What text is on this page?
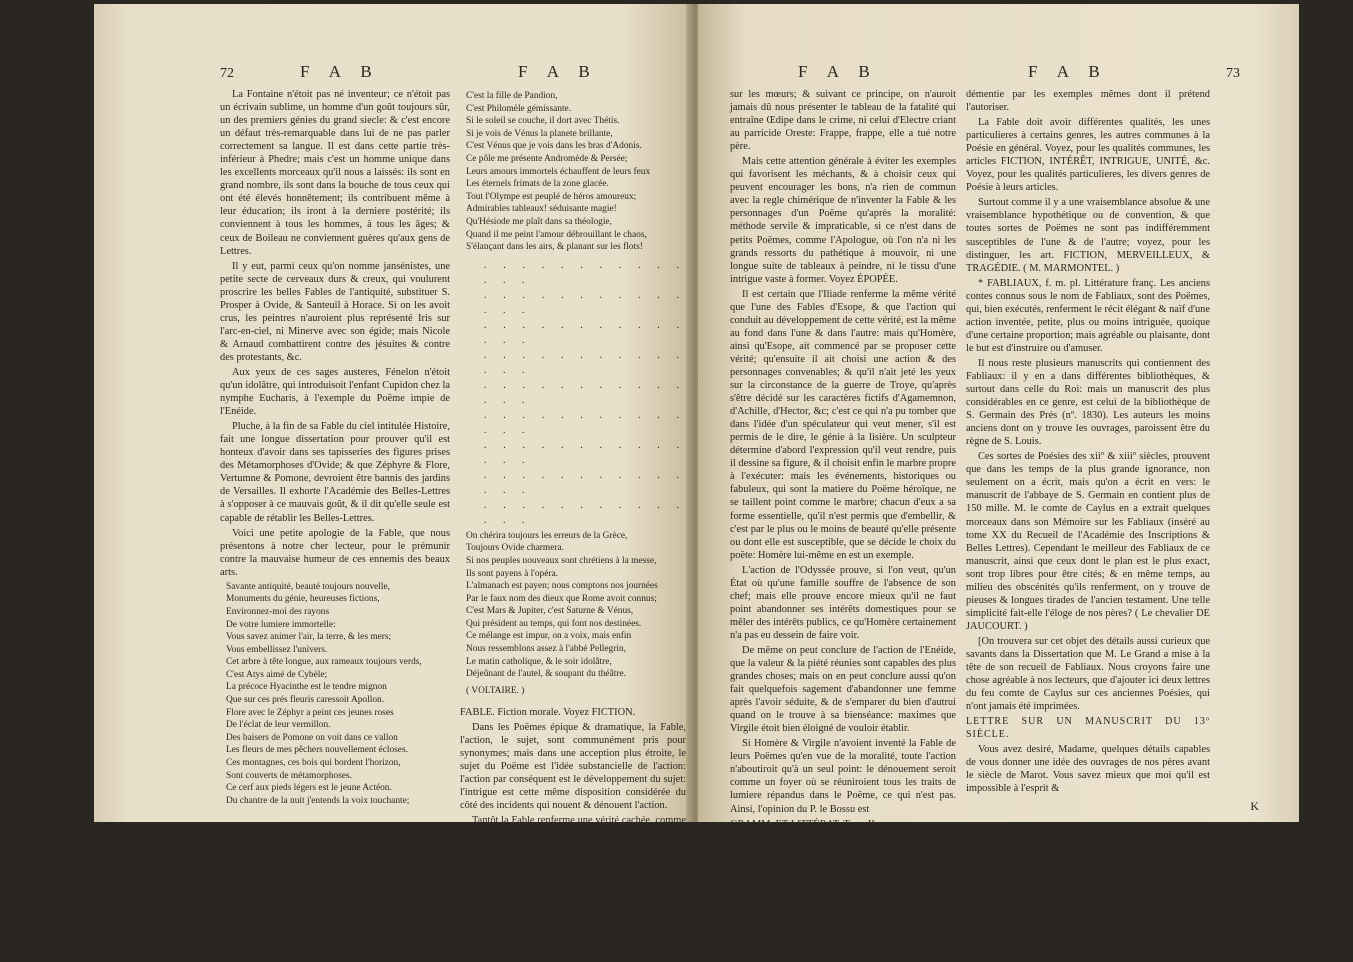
72	F A B	F A B

La Fontaine n'étoit pas né inventeur; ce n'étoit pas un écrivain sublime, un homme d'un goût toujours sûr, un des premiers génies du grand siecle: & c'est encore un défaut très-remarquable dans lui de ne pas parler correctement sa langue. Il est dans cette partie très-inférieur à Phedre; mais c'est un homme unique dans les excellents morceaux qu'il nous a laissés: ils sont en grand nombre, ils sont dans la bouche de tous ceux qui ont été élevés honnêtement; ils contribuent même à leur éducation; ils iront à la derniere postérité; ils conviennent à tous les hommes, à tous les âges; & ceux de Boileau ne conviennent guères qu'aux gens de Lettres.

Il y eut, parmi ceux qu'on nomme jansénistes, une petite secte de cerveaux durs & creux, qui voulurent proscrire les belles Fables de l'antiquité, substituer S. Prosper à Ovide, & Santeuil à Horace. Si on les avoit crus, les peintres n'auroient plus représenté Iris sur l'arc-en-ciel, ni Minerve avec son égide; mais Nicole & Arnaud combattirent contre des jésuites & contre des protestants, &c.

Aux yeux de ces sages austeres, Fénelon n'étoit qu'un idolâtre, qui introduisoit l'enfant Cupidon chez la nymphe Eucharis, à l'exemple du Poëme impie de l'Enéide.

Pluche, à la fin de sa Fable du ciel intitulée Histoire, fait une longue dissertation pour prouver qu'il est honteux d'avoir dans ses tapisseries des figures prises des Métamorphoses d'Ovide; & que Zéphyre & Flore, Vertumne & Pomone, devroient être bannis des jardins de Versailles. Il exhorte l'Académie des Belles-Lettres à s'opposer à ce mauvais goût, & il dit qu'elle seule est capable de rétablir les Belles-Lettres.

Voici une petite apologie de la Fable, que nous présentons à notre cher lecteur, pour le prémunir contre la mauvaise humeur de ces ennemis des beaux arts.

Savante antiquité, beauté toujours nouvelle,
Monuments du génie, heureuses fictions,
Environnez-moi des rayons
De votre lumiere immortelle:
Vous savez animer l'air, la terre, & les mers;
Vous embellissez l'univers.
Cet arbre à tête longue, aux rameaux toujours verds,
C'est Atys aimé de Cybèle;
La précoce Hyacinthe est le tendre mignon
Que sur ces prés fleuris caressoit Apollon.
Flore avec le Zéphyr a peint ces jeunes roses
De l'éclat de leur vermillon.
Des baisers de Pomone on voit dans ce vallon
Les fleurs de mes pêchers nouvellement écloses.
Ces montagnes, ces bois qui bordent l'horizon,
Sont couverts de métamorphoses.
Ce cerf aux pieds légers est le jeune Actéon.
Du chantre de la nuit j'entends la voix touchante;
C'est la fille de Pandion,
C'est Philomèle gémissante.
Si le soleil se couche, il dort avec Thétis.
Si je vois de Vénus la planete brillante,
C'est Vénus que je vois dans les bras d'Adonis.
Ce pôle me présente Andromède & Persée;
Leurs amours immortels échauffent de leurs feux
Les éternels frimats de la zone glacée.
Tout l'Olympe est peuplé de héros amoureux;
Admirables tableaux! séduisante magie!
Qu'Hésiode me plaît dans sa théologie,
Quand il me peint l'amour débrouillant le chaos,
S'élançant dans les airs, & planant sur les flots!
. . . . . . . . . . . . . .
. . . . . . . . . . . . . .
. . . . . . . . . . . . . .
. . . . . . . . . . . . . .
. . . . . . . . . . . . . .
. . . . . . . . . . . . . .
. . . . . . . . . . . . . .
. . . . . . . . . . . . . .
. . . . . . . . . . . . . .
On chérira toujours les erreurs de la Grèce,
Toujours Ovide charmera.
Si nos peuples nouveaux sont chrétiens à la messe,
Ils sont payens à l'opéra.
L'almanach est payen; nous comptons nos journées
Par le faux nom des dieux que Rome avoit connus;
C'est Mars & Jupiter, c'est Saturne & Vénus,
Qui président au temps, qui font nos destinées.
Ce mélange est impur, on a voix, mais enfin
Nous ressemblons assez à l'abbé Pellegrin,
Le matin catholique, & le soir idolâtre,
Déjeûnant de l'autel, & soupant du théâtre.
( VOLTAIRE. )

FABLE. Fiction morale. Voyez FICTION.

Dans les Poëmes épique & dramatique, la Fable, l'action, le sujet, sont communément pris pour synonymes; mais dans une acception plus étroite, le sujet du Poëme est l'idée substancielle de l'action: l'action par conséquent est le développement du sujet: l'intrigue est cette même disposition considérée du côté des incidents qui nouent & dénouent l'action.

Tantôt la Fable renferme une vérité cachée, comme dans l'Iliade; tantôt elle présente directement des exemples personnels & des vérités toutes nues, comme dans le Télémaque & dans la plupart de nos tragédies. Il n'est donc pas de l'essence de la Fable d'être allégorique; il suffit qu'elle soit morale: & c'est ce que le P. Bossu n'a pas vu assez nettement.

Comme le but de la Poésie est de rendre, s'il est possible, les hommes meilleurs & plus heureux, un poëte doit sans doute avoir égard, dans le choix de son action, à l'influence qu'elle peut avoir sur

F A B	F A B	73

sur les mœurs; & suivant ce principe, on n'auroit jamais dû nous présenter le tableau de la fatalité qui entraîne Œdipe dans le crime, ni celui d'Electre criant au parricide Oreste: Frappe, frappe, elle a tué notre père.

Mais cette attention générale à éviter les exemples qui favorisent les méchants, & à choisir ceux qui peuvent encourager les bons, n'a rien de commun avec la regle chimérique de n'inventer la Fable & les personnages d'un Poëme qu'après la moralité: méthode servile & impraticable, si ce n'est dans de petits Poëmes, comme l'Apologue, où l'on n'a ni les grands ressorts du pathétique à mouvoir, ni une longue suite de tableaux à peindre, ni le tissu d'une intrigue vaste à former. Voyez ÉPOPÉE.

Il est certain que l'Iliade renferme la même vérité que l'une des Fables d'Esope, & que l'action qui conduit au développement de cette vérité, est la même au fond dans l'une & dans l'autre: mais qu'Homère, ainsi qu'Esope, ait commencé par se proposer cette vérité; qu'ensuite il ait choisi une action & des personnages convenables; & qu'il n'ait jeté les yeux sur la circonstance de la guerre de Troye, qu'après s'être décidé sur les caractères fictifs d'Agamemnon, d'Achille, d'Hector, &c; c'est ce qui n'a pu tomber que dans l'idée d'un spéculateur qui veut mener, s'il est permis de le dire, le génie à la lisière. Un sculpteur détermine d'abord l'expression qu'il veut rendre, puis il dessine sa figure, & il choisit enfin le marbre propre à l'exécuter: mais les événements, historiques ou fabuleux, qui sont la matiere du Poëme héroïque, ne se taillent point comme le marbre; chacun d'eux a sa forme essentielle, qu'il n'est permis que d'embellir, & c'est par le plus ou le moins de beauté qu'elle présente ou dont elle est susceptible, que se décide le choix du poëte: Homère lui-même en est un exemple.

L'action de l'Odyssée prouve, si l'on veut, qu'un État où qu'une famille souffre de l'absence de son chef; mais elle prouve encore mieux qu'il ne faut point abandonner ses intérêts domestiques pour se mêler des intérêts publics, ce qu'Homère certainement n'a pas eu dessein de faire voir.

De même on peut conclure de l'action de l'Enéide, que la valeur & la piété réunies sont capables des plus grandes choses; mais on en peut conclure aussi qu'on fait quelquefois sagement d'abandonner une femme après l'avoir séduite, & de s'emparer du bien d'autrui quand on le trouve à sa bienséance: maximes que Virgile étoit bien éloigné de vouloir établir.

Si Homère & Virgile n'avoient inventé la Fable de leurs Poëmes qu'en vue de la moralité, toute l'action n'aboutiroit qu'à un seul point: le dénouement seroit comme un foyer où se réuniroient tous les traits de lumiere répandus dans le Poëme, ce qui n'est pas. Ainsi, l'opinion du P. le Bossu est

GRAMM. ET LITTÉRAT. Tome II.

démentie par les exemples mêmes dont il prétend l'autoriser.

La Fable doit avoir différentes qualités, les unes particulieres à certains genres, les autres communes à la Poésie en général. Voyez, pour les qualités communes, les articles FICTION, INTÉRÊT, INTRIGUE, UNITÉ, &c. Voyez, pour les qualités particulieres, les divers genres de Poésie à leurs articles.

Surtout comme il y a une vraisemblance absolue & une vraisemblance hypothétique ou de convention, & que toutes sortes de Poëmes ne sont pas indifféremment susceptibles de l'une & de l'autre; voyez, pour les distinguer, les art. FICTION, MERVEILLEUX, & TRAGÉDIE. ( M. MARMONTEL. )

* FABLIAUX, f. m. pl. Littérature franç. Les anciens contes connus sous le nom de Fabliaux, sont des Poëmes, qui, bien exécutés, renferment le récit élégant & naïf d'une action inventée, petite, plus ou moins intriguée, quoique d'une certaine proportion; mais agréable ou plaisante, dont le but est d'instruire ou d'amuser.

Il nous reste plusieurs manuscrits qui contiennent des Fabliaux: il y en a dans différentes bibliothèques, & surtout dans celle du Roi: mais un manuscrit des plus considérables en ce genre, est celui de la bibliothèque de S. Germain des Prés (nº. 1830). Les auteurs les moins anciens dont on y trouve les ouvrages, paroissent être du règne de S. Louis.

Ces sortes de Poésies des xiiº & xiiiº siècles, prouvent que dans les temps de la plus grande ignorance, non seulement on a écrit, mais qu'on a écrit en vers: le manuscrit de l'abbaye de S. Germain en contient plus de 150 mille. M. le comte de Caylus en a extrait quelques morceaux dans son Mémoire sur les Fabliaux (inséré au tome XX du Recueil de l'Académie des Inscriptions & Belles Lettres). Cependant le meilleur des Fabliaux de ce manuscrit, ainsi que ceux dont le plan est le plus exact, sont trop libres pour être cités; & en même temps, au milieu des obscénités qu'ils renferment, on y trouve de pieuses & longues tirades de l'ancien testament. Une telle simplicité fait-elle l'éloge de nos pères? ( Le chevalier DE JAUCOURT. )

[On trouvera sur cet objet des détails aussi curieux que savants dans la Dissertation que M. Le Grand a mise à la tête de son recueil de Fabliaux. Nous croyons faire une chose agréable à nos lecteurs, que d'ajouter ici deux lettres du feu comte de Caylus sur ces anciennes Poésies, qui n'ont jamais été imprimées.

LETTRE SUR UN MANUSCRIT DU 13º SIÈCLE.

Vous avez desiré, Madame, quelques détails capables de vous donner une idée des ouvrages de nos pères avant le siècle de Marot. Vous savez mieux que moi qu'il est impossible à l'esprit &

K
